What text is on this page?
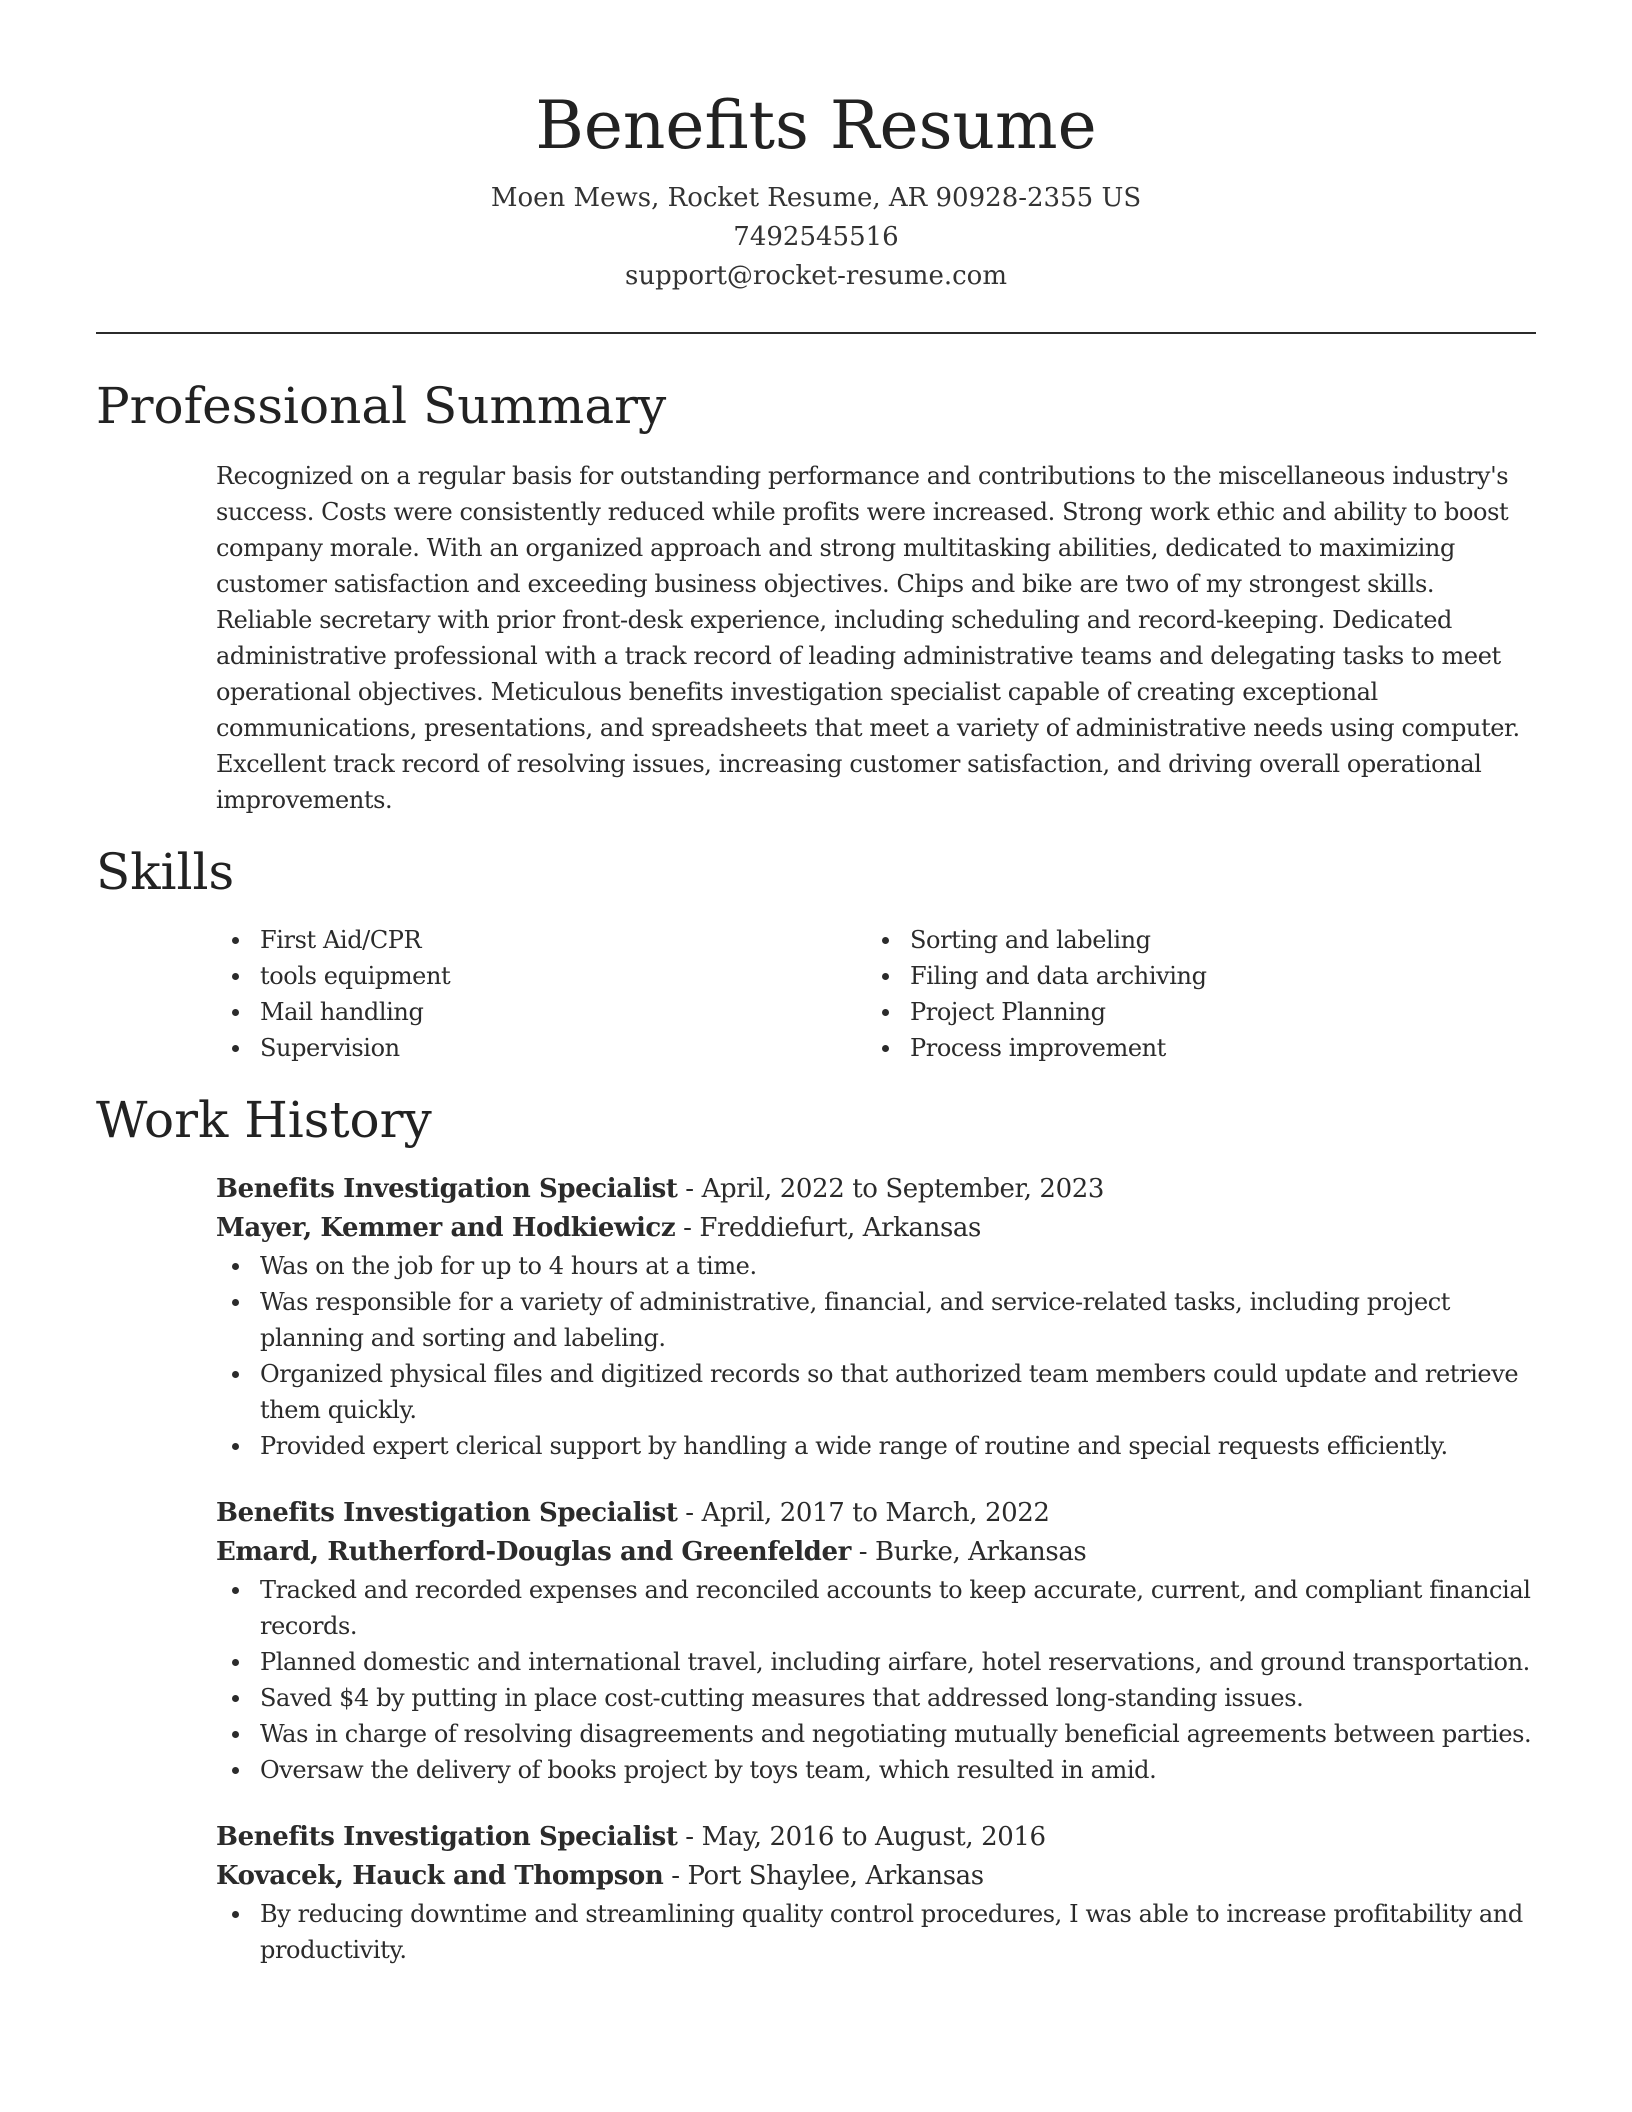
Benefits Resume
Moen Mews, Rocket Resume, AR 90928-2355 US
7492545516
support@rocket-resume.com
Professional Summary

Recognized on a regular basis for outstanding performance and contributions to the miscellaneous industry's success. Costs were consistently reduced while profits were increased. Strong work ethic and ability to boost company morale. With an organized approach and strong multitasking abilities, dedicated to maximizing customer satisfaction and exceeding business objectives. Chips and bike are two of my strongest skills. Reliable secretary with prior front-desk experience, including scheduling and record-keeping. Dedicated administrative professional with a track record of leading administrative teams and delegating tasks to meet operational objectives. Meticulous benefits investigation specialist capable of creating exceptional communications, presentations, and spreadsheets that meet a variety of administrative needs using computer. Excellent track record of resolving issues, increasing customer satisfaction, and driving overall operational improvements.

Skills
First Aid/CPR
tools equipment
Mail handling
Supervision
Sorting and labeling
Filing and data archiving
Project Planning
Process improvement
Work History
Benefits Investigation Specialist - April, 2022 to September, 2023
Mayer, Kemmer and Hodkiewicz - Freddiefurt, Arkansas
Was on the job for up to 4 hours at a time.
Was responsible for a variety of administrative, financial, and service-related tasks, including project planning and sorting and labeling.
Organized physical files and digitized records so that authorized team members could update and retrieve them quickly.
Provided expert clerical support by handling a wide range of routine and special requests efficiently.
Benefits Investigation Specialist - April, 2017 to March, 2022
Emard, Rutherford-Douglas and Greenfelder - Burke, Arkansas
Tracked and recorded expenses and reconciled accounts to keep accurate, current, and compliant financial records.
Planned domestic and international travel, including airfare, hotel reservations, and ground transportation.
Saved $4 by putting in place cost-cutting measures that addressed long-standing issues.
Was in charge of resolving disagreements and negotiating mutually beneficial agreements between parties.
Oversaw the delivery of books project by toys team, which resulted in amid.
Benefits Investigation Specialist - May, 2016 to August, 2016
Kovacek, Hauck and Thompson - Port Shaylee, Arkansas
By reducing downtime and streamlining quality control procedures, I was able to increase profitability and productivity.
